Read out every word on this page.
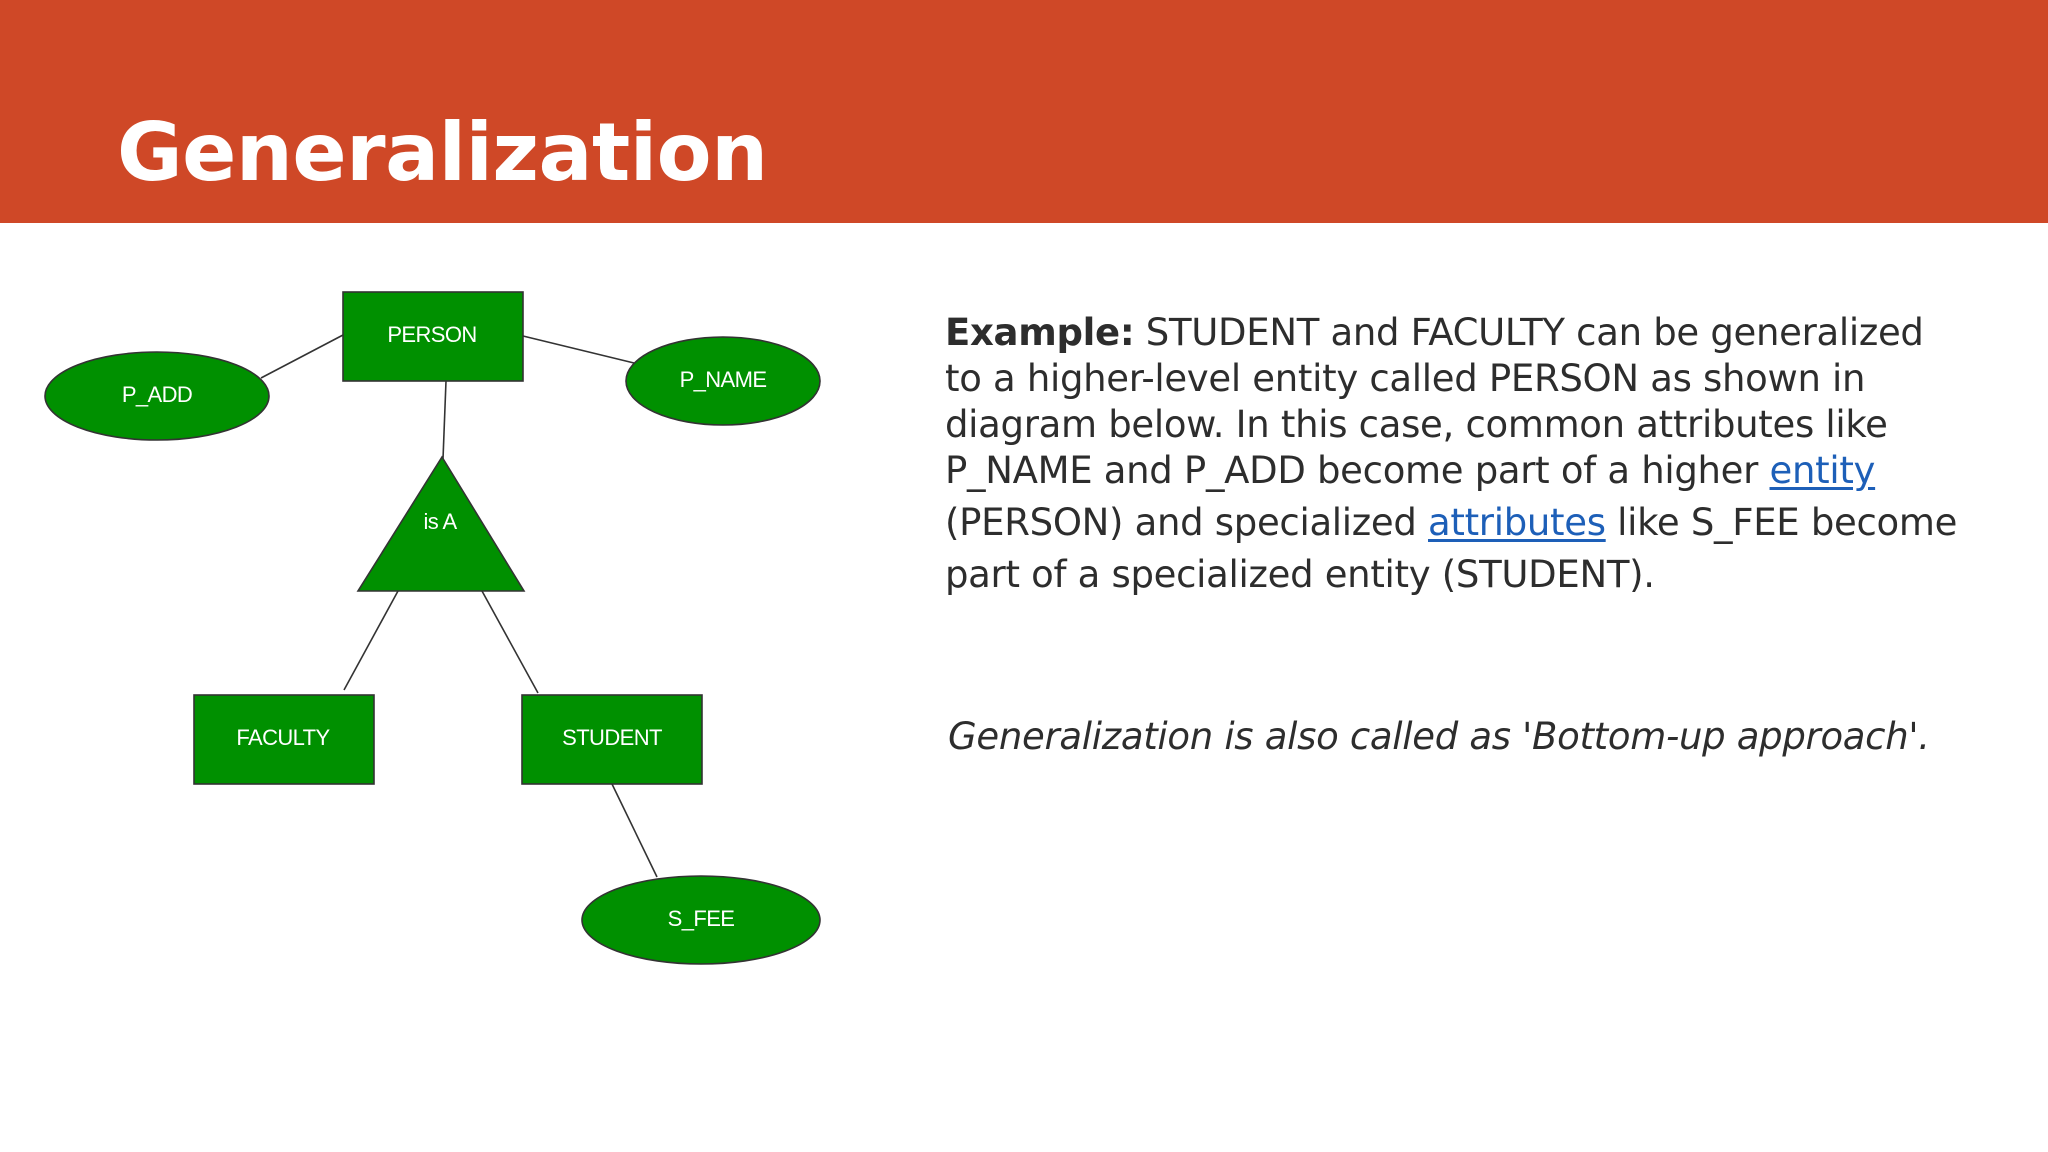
Generalization
PERSON
P_ADD
P_NAME
is A
FACULTY	STUDENT
S_FEE
Example: STUDENT and FACULTY can be generalized
to a higher-level entity called PERSON as shown in
diagram below. In this case, common attributes like
P_NAME and P_ADD become part of a higher entity
(PERSON) and specialized attributes like S_FEE become
part of a specialized entity (STUDENT).
Generalization is also called as 'Bottom-up approach'.
